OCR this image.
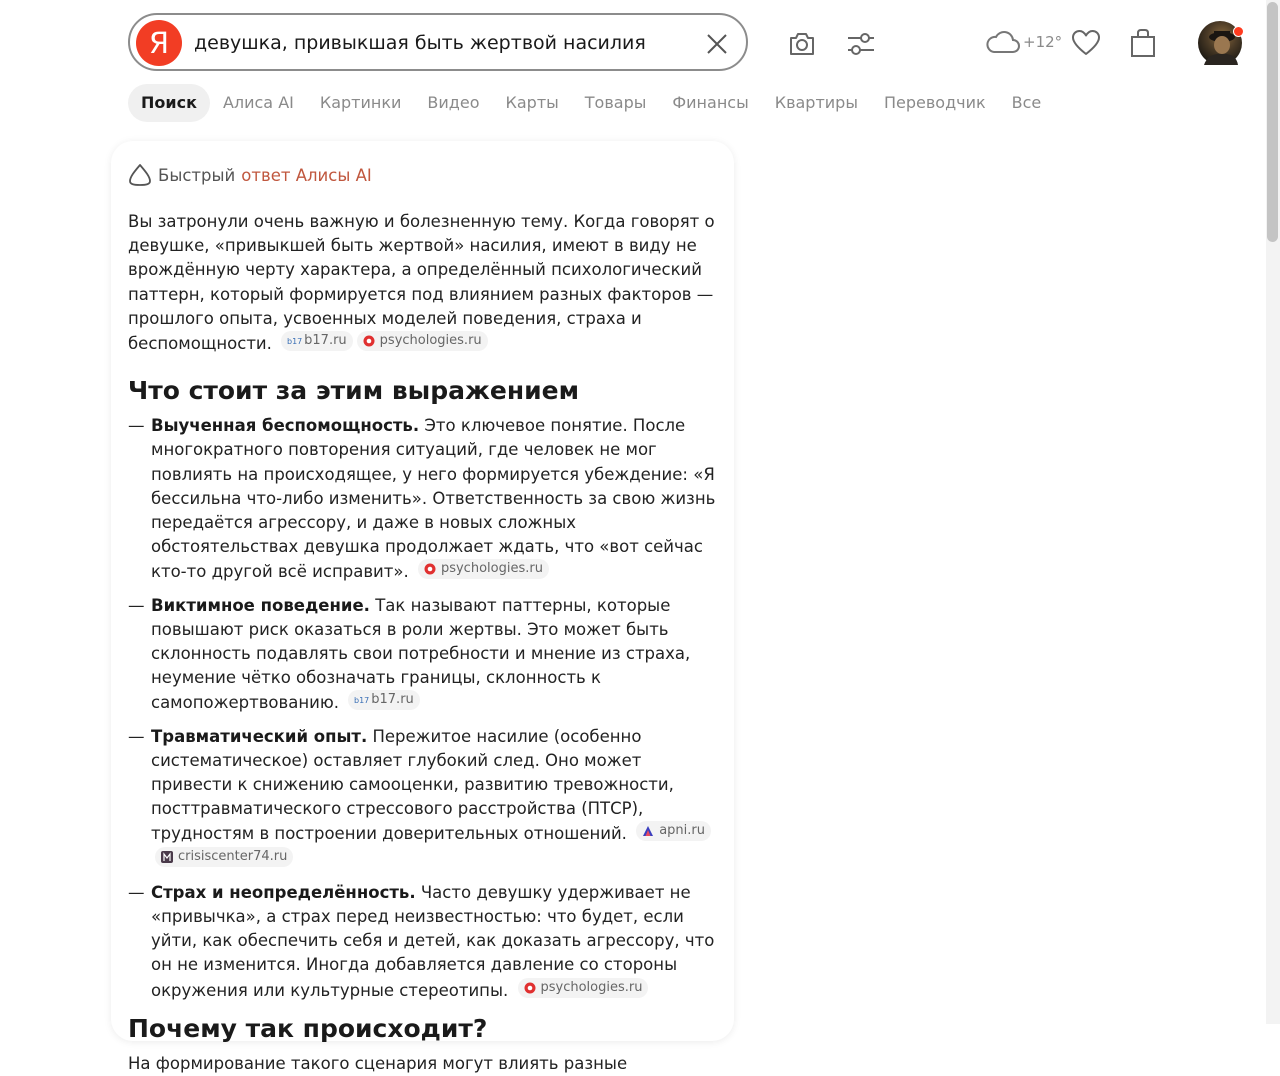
Я
девушка, привыкшая быть жертвой насилия	+12°
Поиск	Алиса AI	Картинки	Видео	Карты	Товары	Финансы	Квартиры	Переводчик	Все
Быстрый ответ Алисы AI

Вы затронули очень важную и болезненную тему. Когда говорят о девушке, «привыкшей быть жертвой» насилия, имеют в виду не врождённую черту характера, а определённый психологический паттерн, который формируется под влиянием разных факторов — прошлого опыта, усвоенных моделей поведения, страха и беспомощности. b17 b17.ru	psychologies.ru

Что стоит за этим выражением
— Выученная беспомощность. Это ключевое понятие. После многократного повторения ситуаций, где человек не мог повлиять на происходящее, у него формируется убеждение: «Я бессильна что-либо изменить». Ответственность за свою жизнь передаётся агрессору, и даже в новых сложных обстоятельствах девушка продолжает ждать, что «вот сейчас кто-то другой всё исправит». psychologies.ru
— Виктимное поведение. Так называют паттерны, которые повышают риск оказаться в роли жертвы. Это может быть склонность подавлять свои потребности и мнение из страха, неумение чётко обозначать границы, склонность к самопожертвованию. b17 b17.ru
— Травматический опыт. Пережитое насилие (особенно систематическое) оставляет глубокий след. Оно может привести к снижению самооценки, развитию тревожности, посттравматического стрессового расстройства (ПТСР), трудностям в построении доверительных отношений. apni.ru

crisiscenter74.ru
— Страх и неопределённость. Часто девушку удерживает не «привычка», а страх перед неизвестностью: что будет, если уйти, как обеспечить себя и детей, как доказать агрессору, что он не изменится. Иногда добавляется давление со стороны окружения или культурные стереотипы. psychologies.ru
Почему так происходит?

На формирование такого сценария могут влиять разные
